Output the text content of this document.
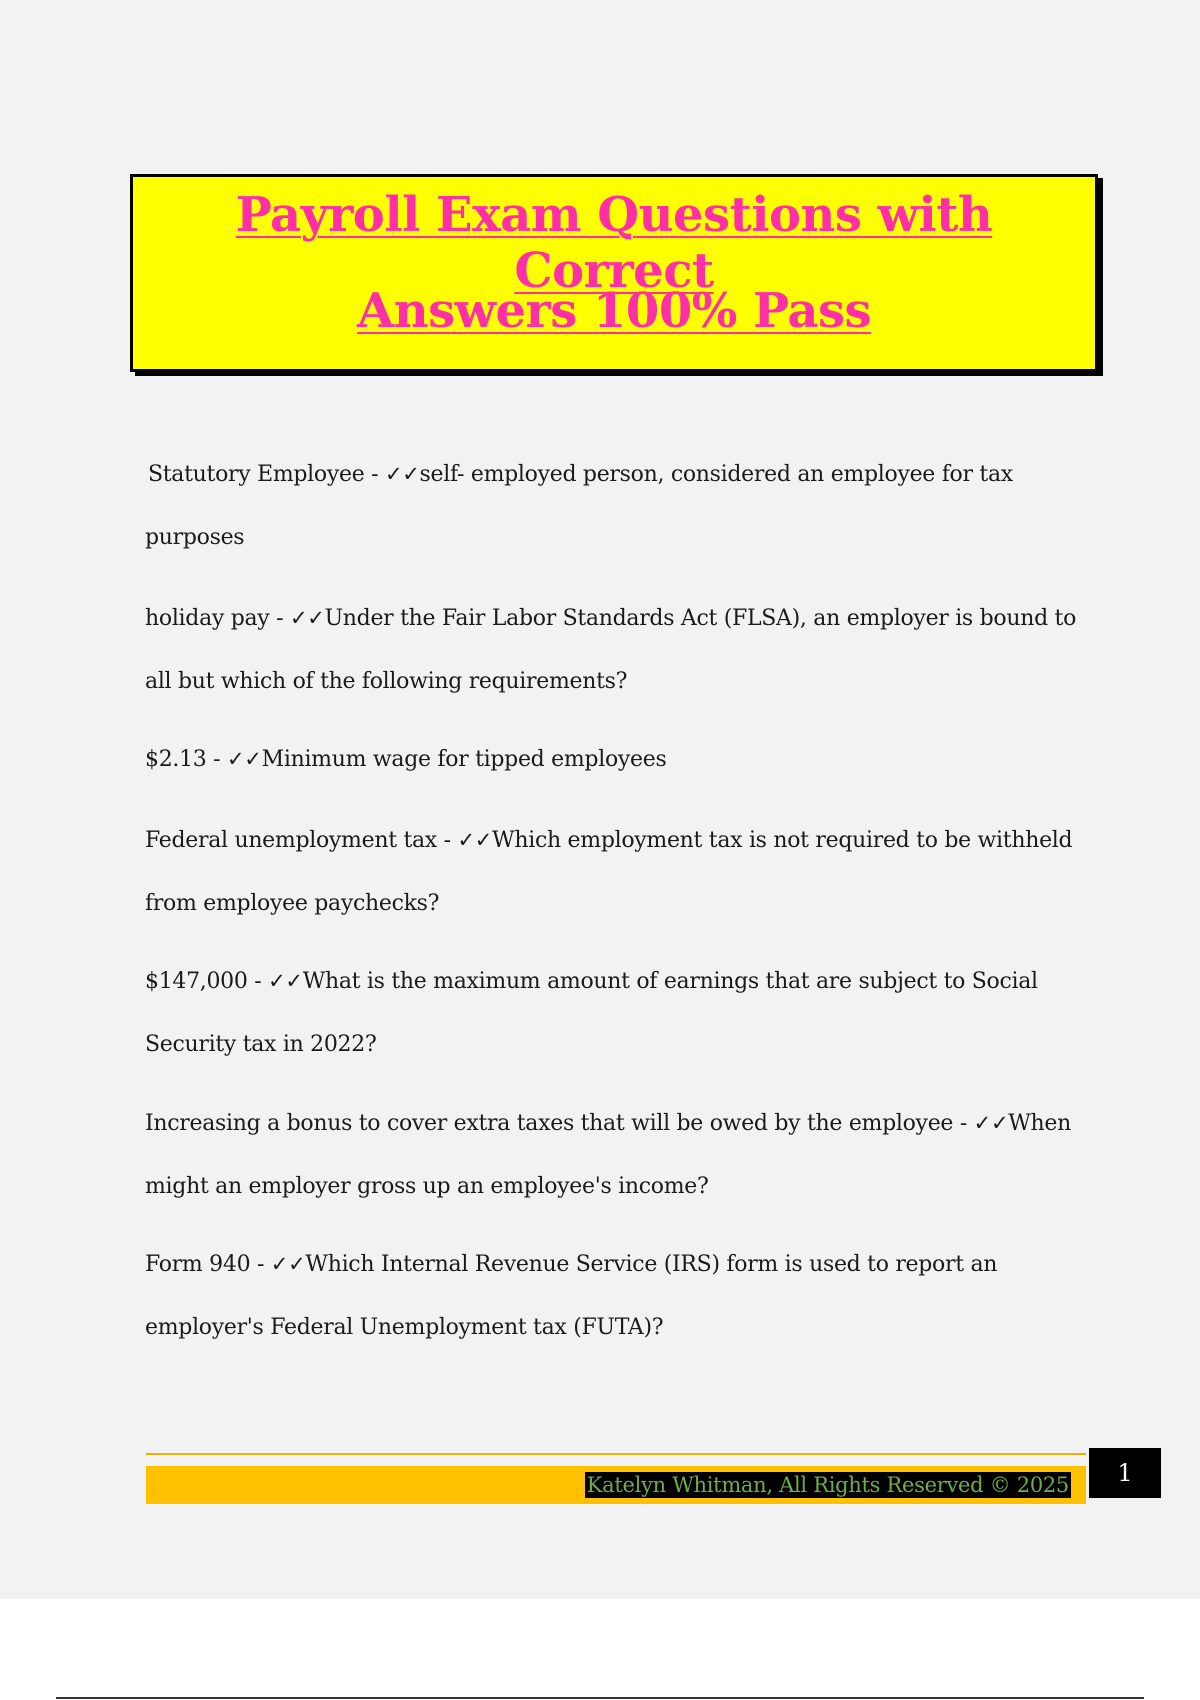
Payroll Exam Questions with Correct
Answers 100% Pass
Statutory Employee - ✓✓self- employed person, considered an employee for tax
purposes
holiday pay - ✓✓Under the Fair Labor Standards Act (FLSA), an employer is bound to
all but which of the following requirements?
$2.13 - ✓✓Minimum wage for tipped employees
Federal unemployment tax - ✓✓Which employment tax is not required to be withheld
from employee paychecks?
$147,000 - ✓✓What is the maximum amount of earnings that are subject to Social
Security tax in 2022?
Increasing a bonus to cover extra taxes that will be owed by the employee - ✓✓When
might an employer gross up an employee's income?
Form 940 - ✓✓Which Internal Revenue Service (IRS) form is used to report an
employer's Federal Unemployment tax (FUTA)?
Katelyn Whitman, All Rights Reserved © 2025	1
